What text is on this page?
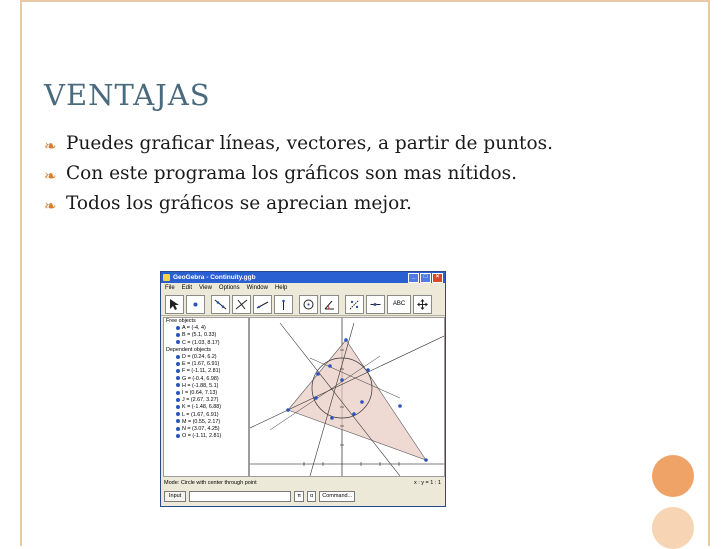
VENTAJAS
❧ Puedes graficar líneas, vectores, a partir de puntos.
❧ Con este programa los gráficos son mas nítidos.
❧ Todos los gráficos se aprecian mejor.
GeoGebra - Continuity.ggb	_	□	×
File Edit View Options Window Help
ABC
Free objects
A = (-4, 4)
B = (5.1, 0.33)
C = (1.03, 8.17)
Dependent objects
D = (0.24, 6.2)
E = (1.67, 6.91)
F = (-1.11, 2.81)
G = (-0.4, 6.98)
H = (-1.88, 5.1)
I = (0.64, 7.13)
J = (2.67, 3.27)
K = (-1.48, 6.88)
L = (1.67, 6.91)
M = (0.55, 2.17)
N = (3.07, 4.25)
O = (-1.11, 2.81)
Mode: Circle with center through point	x : y = 1 : 1
Input	π	α	Command...
